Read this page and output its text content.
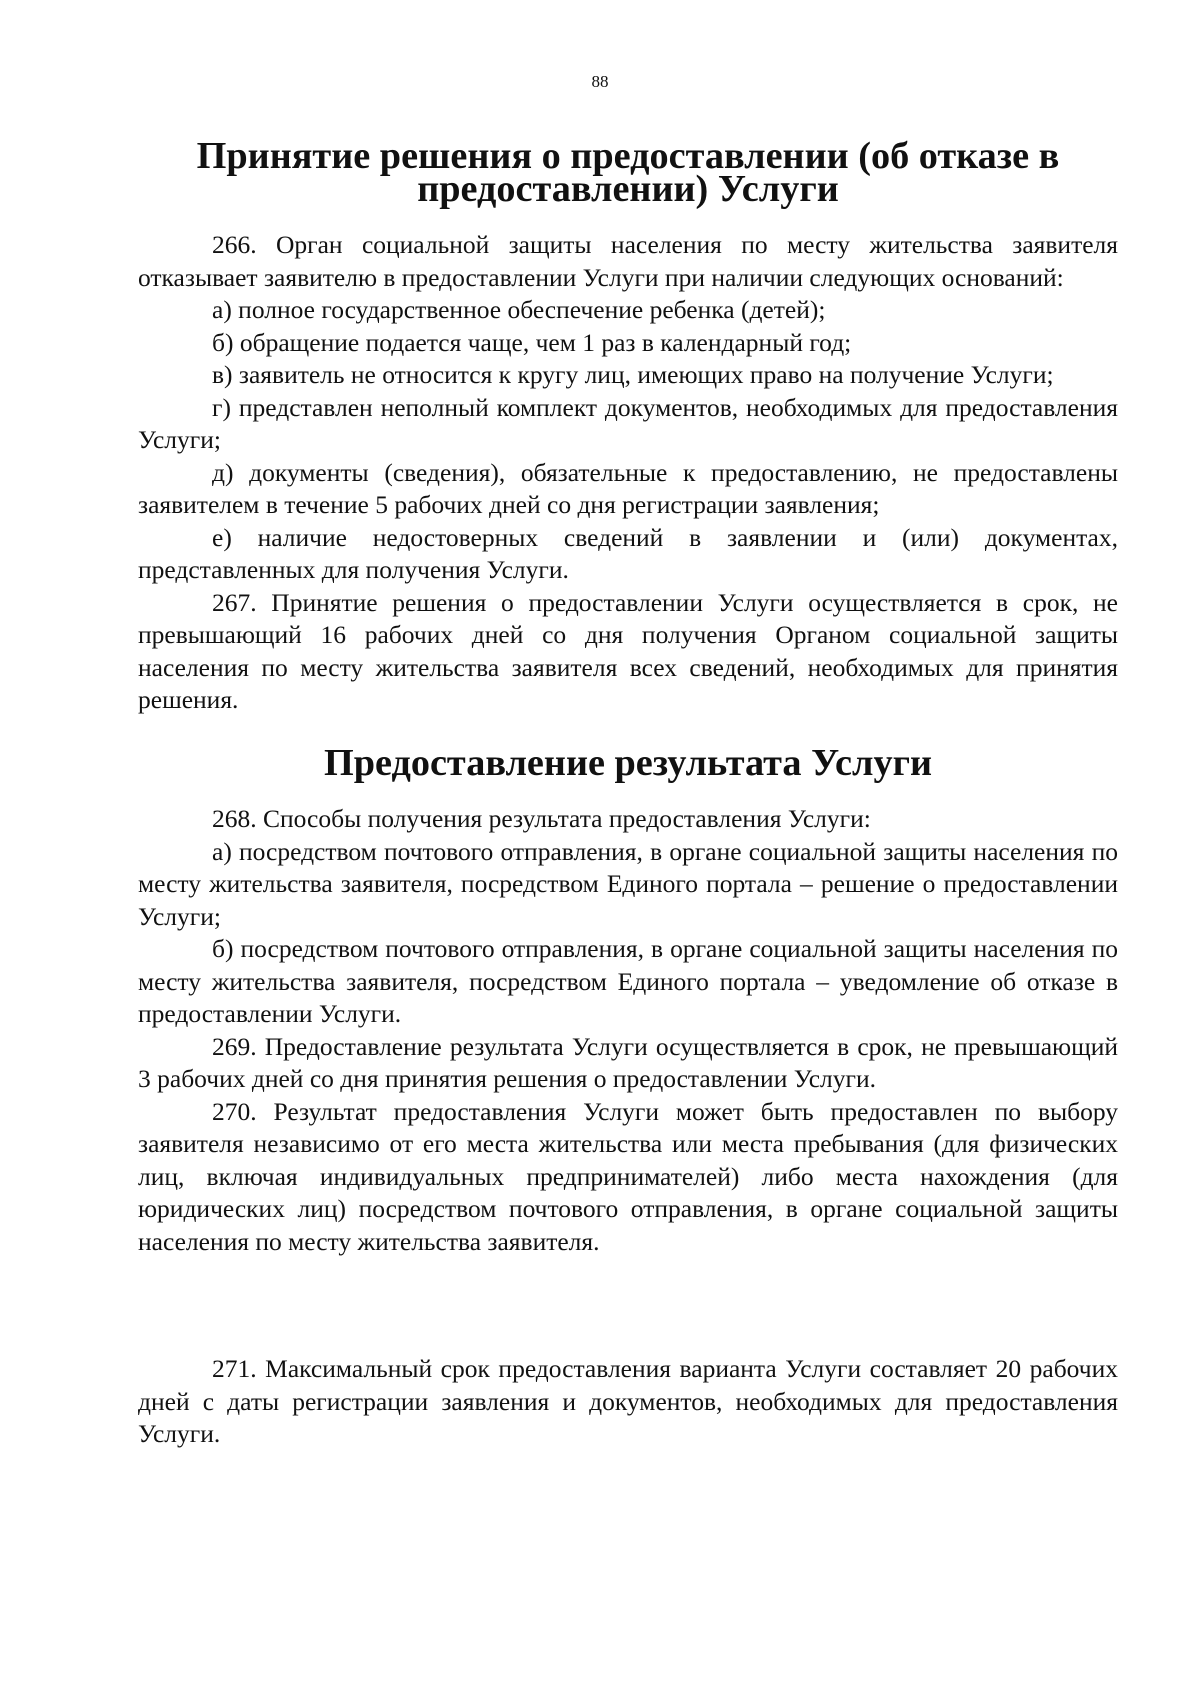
88
Принятие решения о предоставлении (об отказе в предоставлении) Услуги

266. Орган социальной защиты населения по месту жительства заявителя отказывает заявителю в предоставлении Услуги при наличии следующих оснований:

а) полное государственное обеспечение ребенка (детей);

б) обращение подается чаще, чем 1 раз в календарный год;

в) заявитель не относится к кругу лиц, имеющих право на получение Услуги;

г) представлен неполный комплект документов, необходимых для предоставления Услуги;

д) документы (сведения), обязательные к предоставлению, не предоставлены заявителем в течение 5 рабочих дней со дня регистрации заявления;

е) наличие недостоверных сведений в заявлении и (или) документах, представленных для получения Услуги.

267. Принятие решения о предоставлении Услуги осуществляется в срок, не превышающий 16 рабочих дней со дня получения Органом социальной защиты населения по месту жительства заявителя всех сведений, необходимых для принятия решения.

Предоставление результата Услуги

268. Способы получения результата предоставления Услуги:

а) посредством почтового отправления, в органе социальной защиты населения по месту жительства заявителя, посредством Единого портала – решение о предоставлении Услуги;

б) посредством почтового отправления, в органе социальной защиты населения по месту жительства заявителя, посредством Единого портала – уведомление об отказе в предоставлении Услуги.

269. Предоставление результата Услуги осуществляется в срок, не превышающий 3 рабочих дней со дня принятия решения о предоставлении Услуги.

270. Результат предоставления Услуги может быть предоставлен по выбору заявителя независимо от его места жительства или места пребывания (для физических лиц, включая индивидуальных предпринимателей) либо места нахождения (для юридических лиц) посредством почтового отправления, в органе социальной защиты населения по месту жительства заявителя.

271. Максимальный срок предоставления варианта Услуги составляет 20 рабочих дней с даты регистрации заявления и документов, необходимых для предоставления Услуги.
